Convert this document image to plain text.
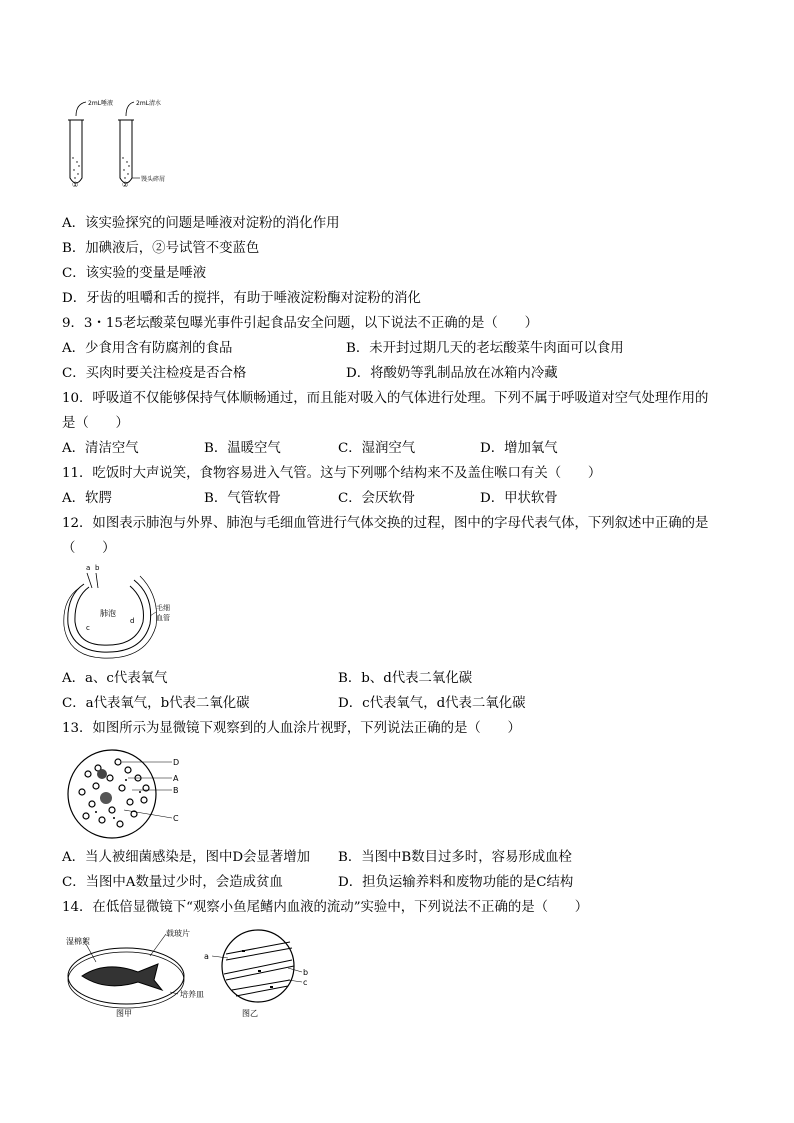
2mL唾液	2mL清水
馒头碎屑
①	②
A．该实验探究的问题是唾液对淀粉的消化作用
B．加碘液后，②号试管不变蓝色
C．该实验的变量是唾液
D．牙齿的咀嚼和舌的搅拌，有助于唾液淀粉酶对淀粉的消化
9．3・15老坛酸菜包曝光事件引起食品安全问题，以下说法不正确的是（　　）
A．少食用含有防腐剂的食品	B．未开封过期几天的老坛酸菜牛肉面可以食用
C．买肉时要关注检疫是否合格	D．将酸奶等乳制品放在冰箱内冷藏
10．呼吸道不仅能够保持气体顺畅通过，而且能对吸入的气体进行处理。下列不属于呼吸道对空气处理作用的
是（　　）
A．清洁空气	B．温暖空气	C．湿润空气	D．增加氧气
11．吃饭时大声说笑，食物容易进入气管。这与下列哪个结构来不及盖住喉口有关（　　）
A．软腭	B．气管软骨	C．会厌软骨	D．甲状软骨
12．如图表示肺泡与外界、肺泡与毛细血管进行气体交换的过程，图中的字母代表气体，下列叙述中正确的是
（　　）
a b
肺泡
c
d
毛细
血管
A．a、c代表氧气	B．b、d代表二氧化碳
C．a代表氧气，b代表二氧化碳	D．c代表氧气，d代表二氧化碳
13．如图所示为显微镜下观察到的人血涂片视野，下列说法正确的是（　　）
D
A
B
C
A．当人被细菌感染是，图中D会显著增加 B．当图中B数目过多时，容易形成血栓
C．当图中A数量过少时，会造成贫血	D．担负运输养料和废物功能的是C结构
14．在低倍显微镜下“观察小鱼尾鳍内血液的流动”实验中，下列说法不正确的是（　　）
湿棉絮
载玻片
培养皿
图甲
a
b
c
图乙
